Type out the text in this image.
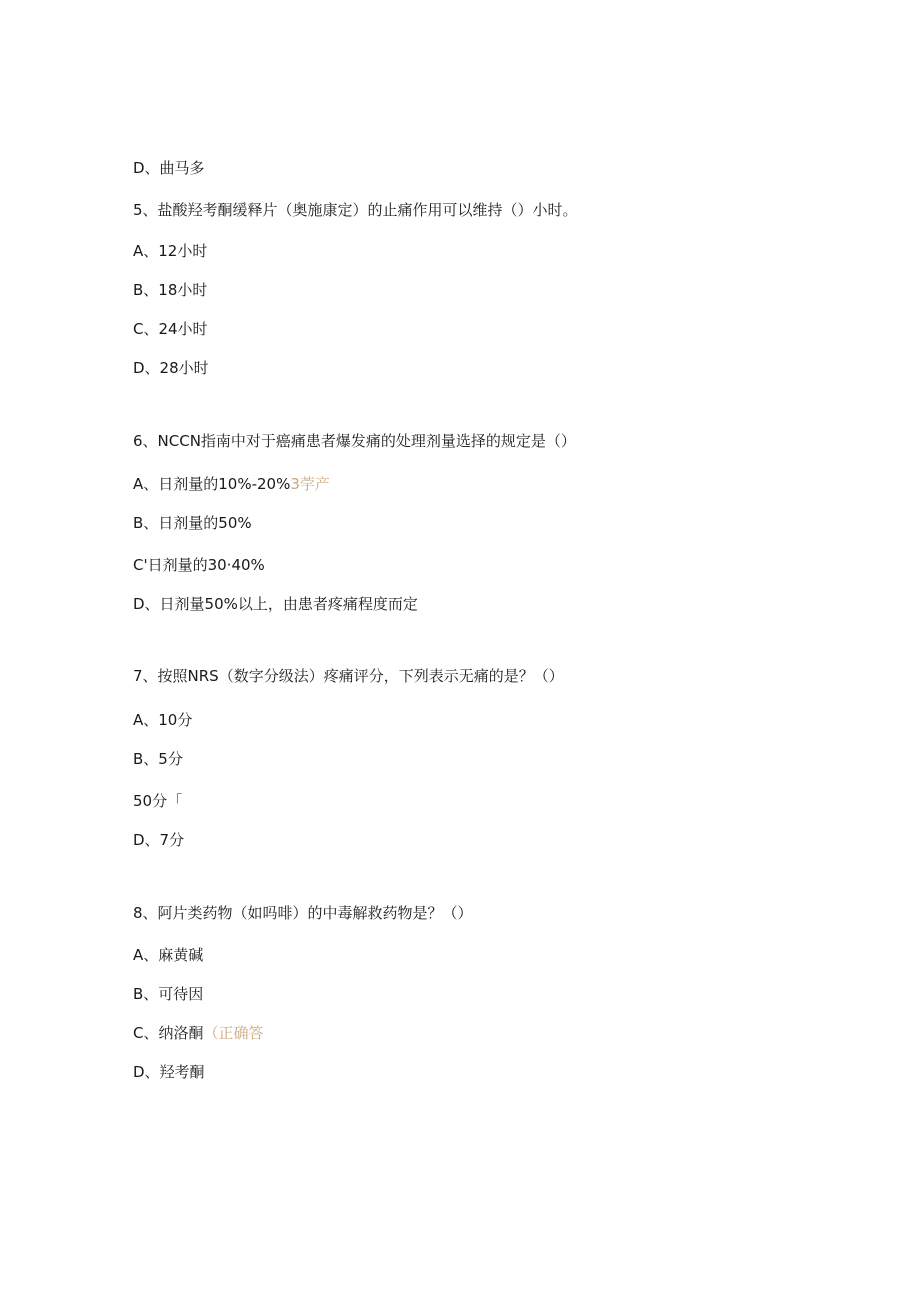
D、曲马多
5、盐酸羟考酮缓释片（奥施康定）的止痛作用可以维持（）小时。
A、12小时
B、18小时
C、24小时
D、28小时
6、NCCN指南中对于癌痛患者爆发痛的处理剂量选择的规定是（）
A、日剂量的10%-20%3荢产
B、日剂量的50%
C'日剂量的30·40%
D、日剂量50%以上，由患者疼痛程度而定
7、按照NRS（数字分级法）疼痛评分，下列表示无痛的是？（）
A、10分
B、5分
50分「
D、7分
8、阿片类药物（如吗啡）的中毒解救药物是？（）
A、麻黄碱
B、可待因
C、纳洛酮（正确答
D、羟考酮
